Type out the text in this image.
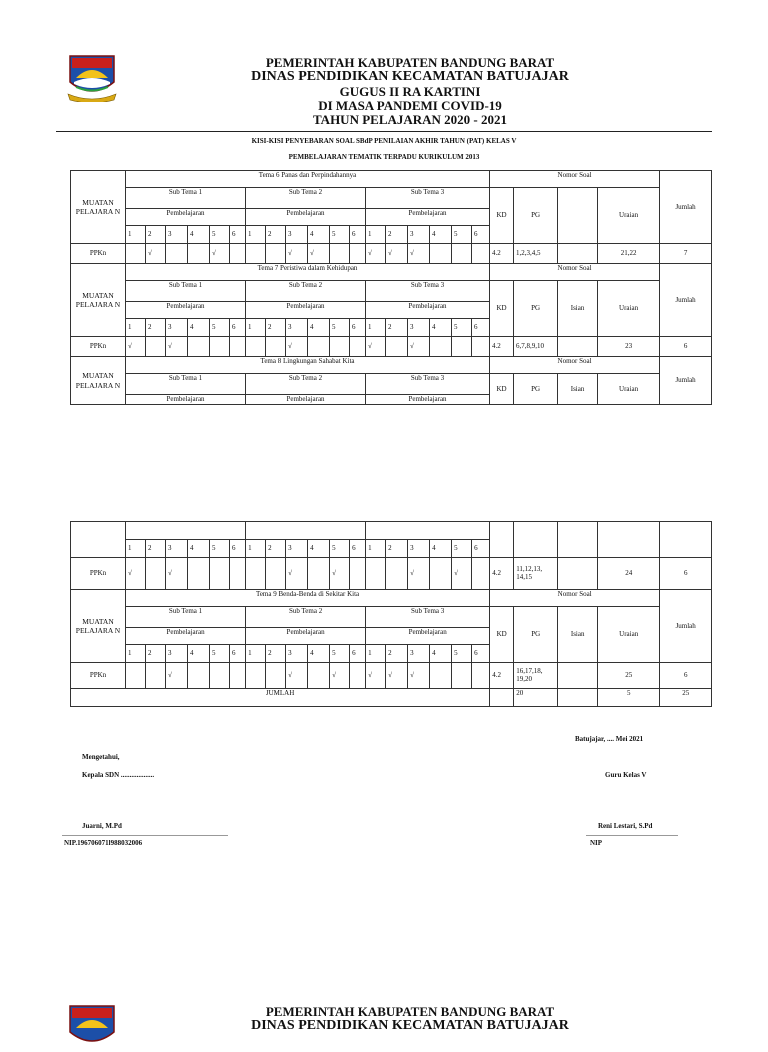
PEMERINTAH KABUPATEN BANDUNG BARAT
DINAS PENDIDIKAN KECAMATAN BATUJAJAR
GUGUS II RA KARTINI
DI MASA PANDEMI COVID-19
TAHUN PELAJARAN 2020 - 2021
KISI-KISI PENYEBARAN SOAL SBdP PENILAIAN AKHIR TAHUN (PAT) KELAS V
PEMBELAJARAN TEMATIK TERPADU KURIKULUM 2013
MUATAN PELAJARA N	Tema 6 Panas dan Perpindahannya																		Nomor Soal				Jumlah
	Sub Tema 1						Sub Tema 2						Sub Tema 3						KD	PG		Uraian	
	Pembelajaran						Pembelajaran						Pembelajaran										
	1	2	3	4	5	6	1	2	3	4	5	6	1	2	3	4	5	6					
PPKn		√			√				√	√			√	√	√				4.2	1,2,3,4,5		21,22	7
MUATAN PELAJARA N	Tema 7 Peristiwa dalam Kehidupan																		Nomor Soal				Jumlah
	Sub Tema 1						Sub Tema 2						Sub Tema 3						KD	PG	Isian	Uraian	
	Pembelajaran						Pembelajaran						Pembelajaran										
	1	2	3	4	5	6	1	2	3	4	5	6	1	2	3	4	5	6					
PPKn	√		√						√				√		√				4.2	6,7,8,9,10		23	6
MUATAN PELAJARA N	Tema 8 Lingkungan Sahabat Kita																		Nomor Soal				Jumlah
	Sub Tema 1						Sub Tema 2						Sub Tema 3						KD	PG	Isian	Uraian	
	Pembelajaran						Pembelajaran						Pembelajaran										

	1	2	3	4	5	6	1	2	3	4	5	6	1	2	3	4	5	6					
PPKn	√		√						√		√				√		√		4.2	11,12,13, 14,15		24	6
MUATAN PELAJARA N	Tema 9 Benda-Benda di Sekitar Kita																		Nomor Soal				Jumlah
	Sub Tema 1						Sub Tema 2						Sub Tema 3						KD	PG	Isian	Uraian	
	Pembelajaran						Pembelajaran						Pembelajaran										
	1	2	3	4	5	6	1	2	3	4	5	6	1	2	3	4	5	6					
PPKn			√						√		√		√	√	√				4.2	16,17,18, 19,20		25	6
JUMLAH																				20		5	25
Batujajar, .... Mei 2021
Mengetahui,
Kepala SDN ...................	Guru Kelas V
Juarni, M.Pd	Reni Lestari, S.Pd
NIP.196706071l988032006	NIP
PEMERINTAH KABUPATEN BANDUNG BARAT
DINAS PENDIDIKAN KECAMATAN BATUJAJAR
